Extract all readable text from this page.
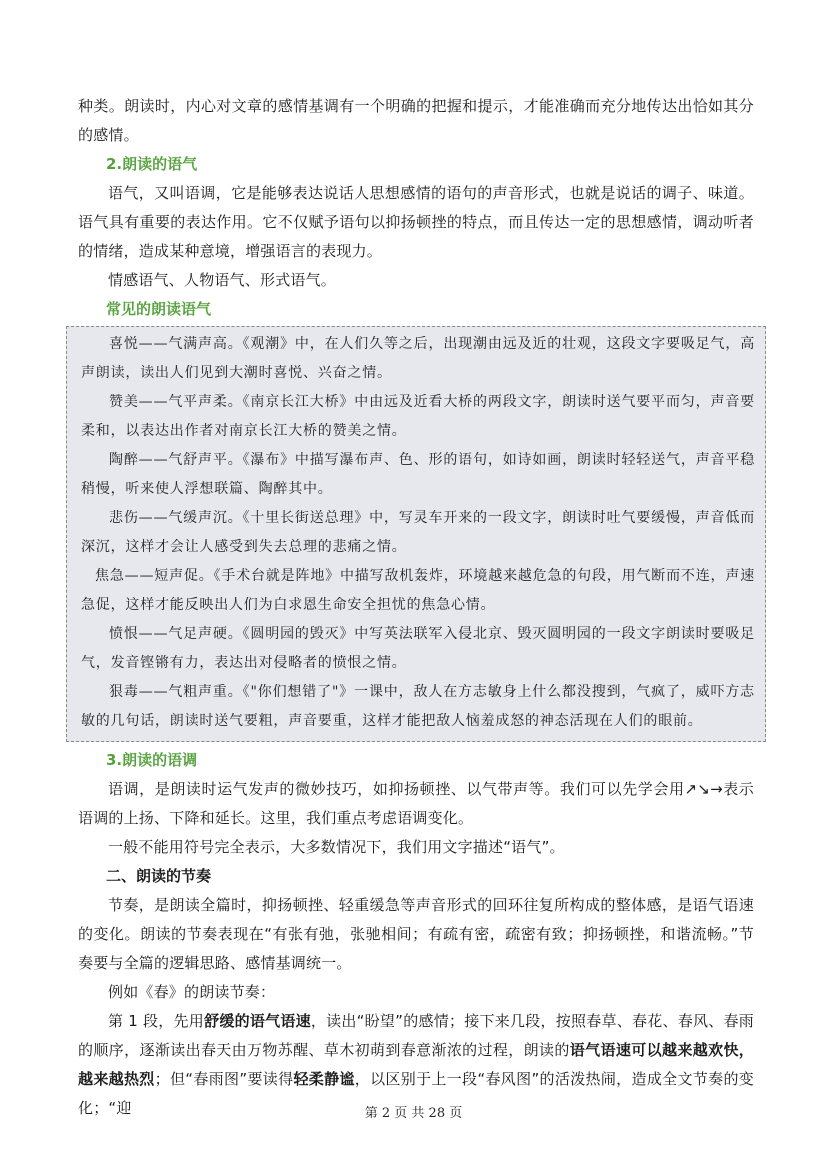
种类。朗读时，内心对文章的感情基调有一个明确的把握和提示，才能准确而充分地传达出恰如其分的感情。

2.朗读的语气

语气，又叫语调，它是能够表达说话人思想感情的语句的声音形式，也就是说话的调子、味道。语气具有重要的表达作用。它不仅赋予语句以抑扬顿挫的特点，而且传达一定的思想感情，调动听者的情绪，造成某种意境，增强语言的表现力。

情感语气、人物语气、形式语气。

常见的朗读语气

喜悦——气满声高。《观潮》中，在人们久等之后，出现潮由远及近的壮观，这段文字要吸足气，高声朗读，读出人们见到大潮时喜悦、兴奋之情。

赞美——气平声柔。《南京长江大桥》中由远及近看大桥的两段文字，朗读时送气要平而匀，声音要柔和，以表达出作者对南京长江大桥的赞美之情。

陶醉——气舒声平。《瀑布》中描写瀑布声、色、形的语句，如诗如画，朗读时轻轻送气，声音平稳稍慢，听来使人浮想联篇、陶醉其中。

悲伤——气缓声沉。《十里长街送总理》中，写灵车开来的一段文字，朗读时吐气要缓慢，声音低而深沉，这样才会让人感受到失去总理的悲痛之情。

焦急——短声促。《手术台就是阵地》中描写敌机轰炸，环境越来越危急的句段，用气断而不连，声速急促，这样才能反映出人们为白求恩生命安全担忧的焦急心情。

愤恨——气足声硬。《圆明园的毁灭》中写英法联军入侵北京、毁灭圆明园的一段文字朗读时要吸足气，发音铿锵有力，表达出对侵略者的愤恨之情。

狠毒——气粗声重。《"你们想错了"》一课中，敌人在方志敏身上什么都没搜到，气疯了，威吓方志敏的几句话，朗读时送气要粗，声音要重，这样才能把敌人恼羞成怒的神态活现在人们的眼前。

3.朗读的语调

语调，是朗读时运气发声的微妙技巧，如抑扬顿挫、以气带声等。我们可以先学会用↗↘→表示语调的上扬、下降和延长。这里，我们重点考虑语调变化。

一般不能用符号完全表示，大多数情况下，我们用文字描述“语气”。

二、朗读的节奏

节奏，是朗读全篇时，抑扬顿挫、轻重缓急等声音形式的回环往复所构成的整体感，是语气语速的变化。朗读的节奏表现在“有张有弛，张驰相间；有疏有密，疏密有致；抑扬顿挫，和谐流畅。”节奏要与全篇的逻辑思路、感情基调统一。

例如《春》的朗读节奏：

第 1 段，先用舒缓的语气语速，读出“盼望”的感情；接下来几段，按照春草、春花、春风、春雨的顺序，逐渐读出春天由万物苏醒、草木初萌到春意渐浓的过程，朗读的语气语速可以越来越欢快，越来越热烈；但“春雨图”要读得轻柔静谧，以区别于上一段“春风图”的活泼热闹，造成全文节奏的变化；“迎	第 2 页 共 28 页
